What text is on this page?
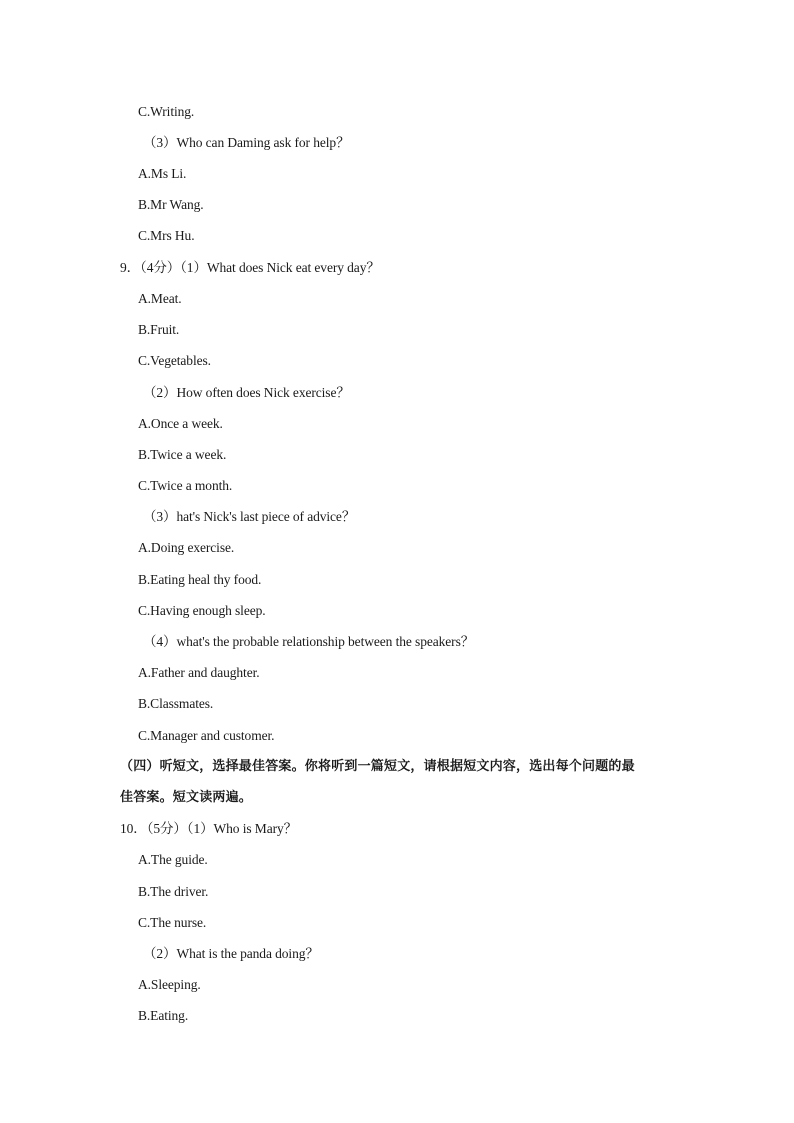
C.Writing.
（3）Who can Daming ask for help？
A.Ms Li.
B.Mr Wang.
C.Mrs Hu.
9．（4分）（1）What does Nick eat every day？
A.Meat.
B.Fruit.
C.Vegetables.
（2）How often does Nick exercise？
A.Once a week.
B.Twice a week.
C.Twice a month.
（3）hat's Nick's last piece of advice？
A.Doing exercise.
B.Eating heal thy food.
C.Having enough sleep.
（4）what's the probable relationship between the speakers？
A.Father and daughter.
B.Classmates.
C.Manager and customer.
（四）听短文，选择最佳答案。你将听到一篇短文，请根据短文内容，选出每个问题的最
佳答案。短文读两遍。
10．（5分）（1）Who is Mary？
A.The guide.
B.The driver.
C.The nurse.
（2）What is the panda doing？
A.Sleeping.
B.Eating.
